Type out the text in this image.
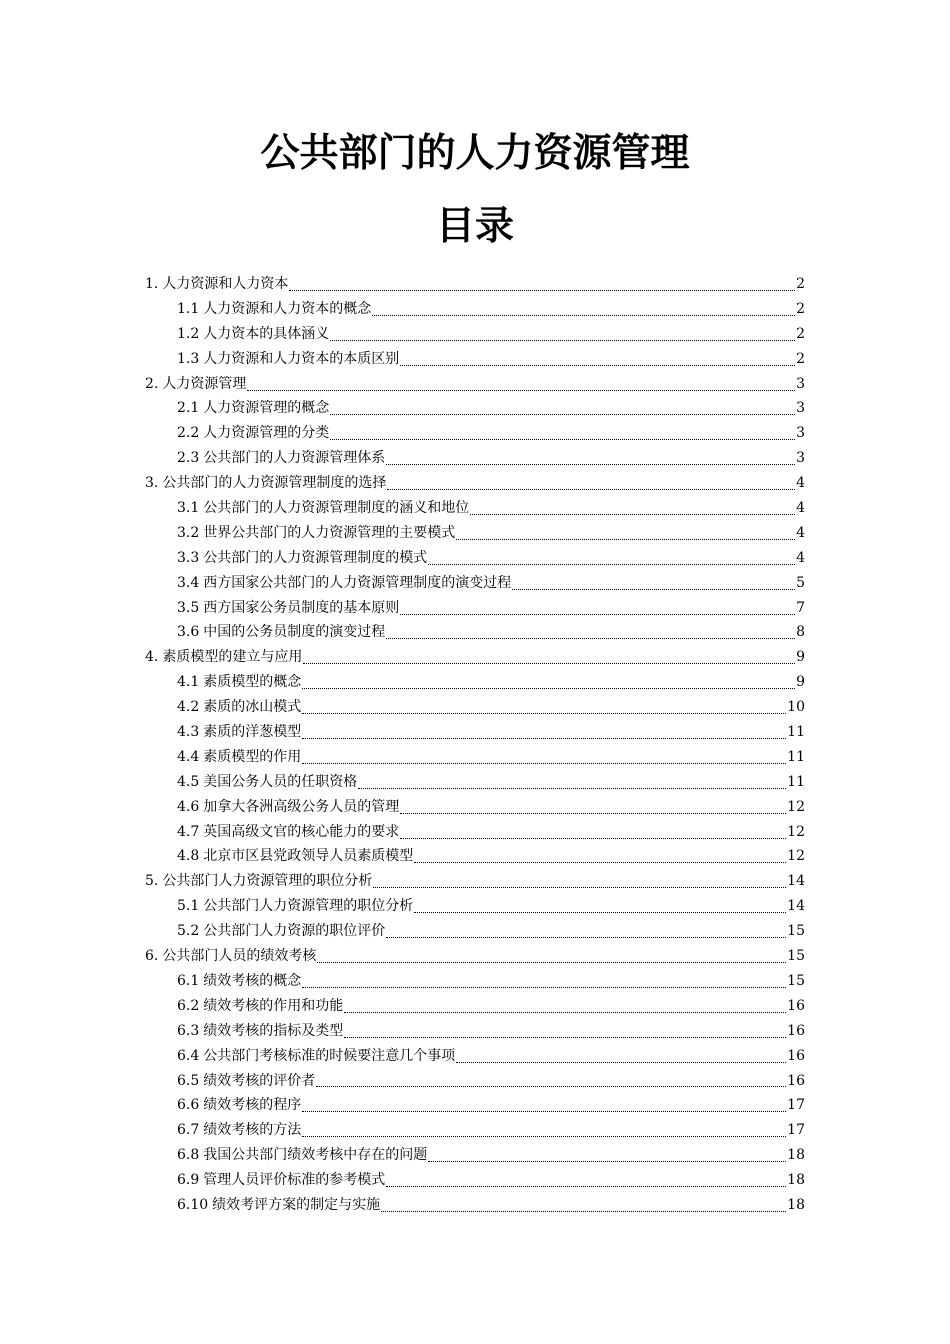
公共部门的人力资源管理
目录
1. 人力资源和人力资本	2
1.1 人力资源和人力资本的概念	2
1.2 人力资本的具体涵义	2
1.3 人力资源和人力资本的本质区别	2
2. 人力资源管理	3
2.1 人力资源管理的概念	3
2.2 人力资源管理的分类	3
2.3 公共部门的人力资源管理体系	3
3. 公共部门的人力资源管理制度的选择	4
3.1 公共部门的人力资源管理制度的涵义和地位	4
3.2 世界公共部门的人力资源管理的主要模式	4
3.3 公共部门的人力资源管理制度的模式	4
3.4 西方国家公共部门的人力资源管理制度的演变过程	5
3.5 西方国家公务员制度的基本原则	7
3.6 中国的公务员制度的演变过程	8
4. 素质模型的建立与应用	9
4.1 素质模型的概念	9
4.2 素质的冰山模式	10
4.3 素质的洋葱模型	11
4.4 素质模型的作用	11
4.5 美国公务人员的任职资格	11
4.6 加拿大各洲高级公务人员的管理	12
4.7 英国高级文官的核心能力的要求	12
4.8 北京市区县党政领导人员素质模型	12
5. 公共部门人力资源管理的职位分析	14
5.1 公共部门人力资源管理的职位分析	14
5.2 公共部门人力资源的职位评价	15
6. 公共部门人员的绩效考核	15
6.1 绩效考核的概念	15
6.2 绩效考核的作用和功能	16
6.3 绩效考核的指标及类型	16
6.4 公共部门考核标准的时候要注意几个事项	16
6.5 绩效考核的评价者	16
6.6 绩效考核的程序	17
6.7 绩效考核的方法	17
6.8 我国公共部门绩效考核中存在的问题	18
6.9 管理人员评价标准的参考模式	18
6.10 绩效考评方案的制定与实施	18
